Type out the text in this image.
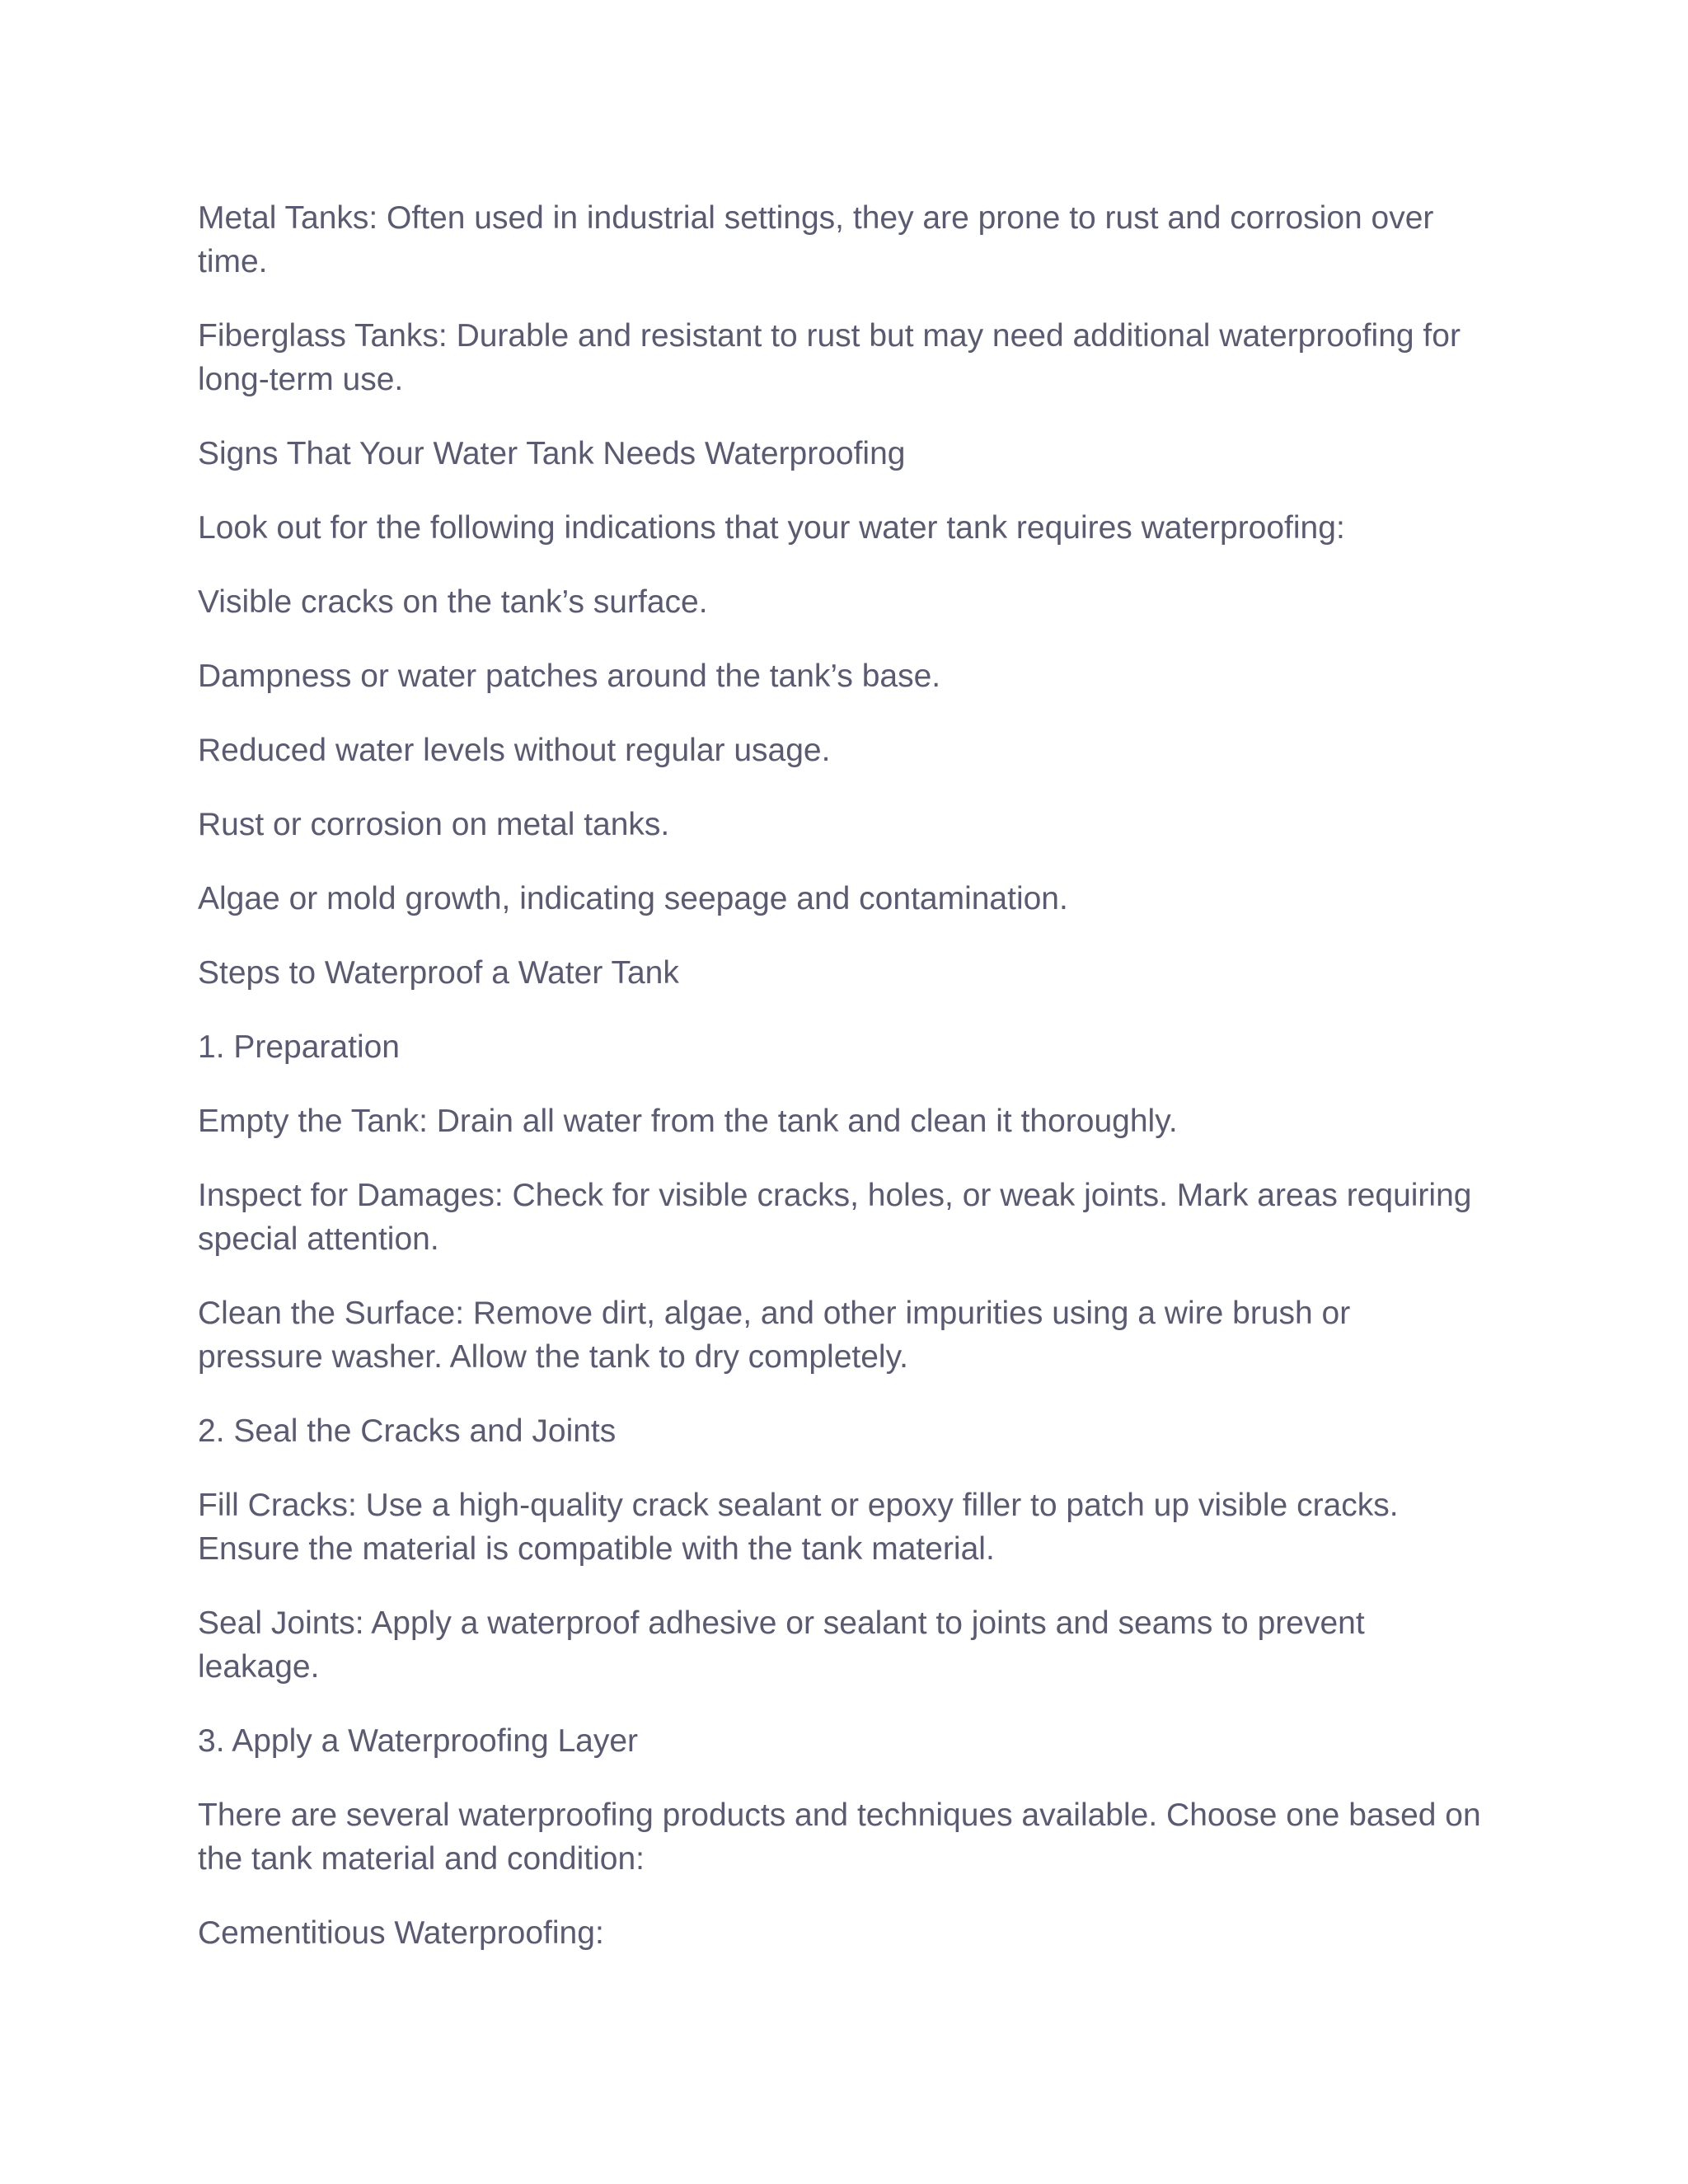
Metal Tanks: Often used in industrial settings, they are prone to rust and corrosion over time.

Fiberglass Tanks: Durable and resistant to rust but may need additional waterproofing for long-term use.

Signs That Your Water Tank Needs Waterproofing

Look out for the following indications that your water tank requires waterproofing:

Visible cracks on the tank’s surface.

Dampness or water patches around the tank’s base.

Reduced water levels without regular usage.

Rust or corrosion on metal tanks.

Algae or mold growth, indicating seepage and contamination.

Steps to Waterproof a Water Tank

1. Preparation

Empty the Tank: Drain all water from the tank and clean it thoroughly.

Inspect for Damages: Check for visible cracks, holes, or weak joints. Mark areas requiring special attention.

Clean the Surface: Remove dirt, algae, and other impurities using a wire brush or pressure washer. Allow the tank to dry completely.

2. Seal the Cracks and Joints

Fill Cracks: Use a high-quality crack sealant or epoxy filler to patch up visible cracks. Ensure the material is compatible with the tank material.

Seal Joints: Apply a waterproof adhesive or sealant to joints and seams to prevent leakage.

3. Apply a Waterproofing Layer

There are several waterproofing products and techniques available. Choose one based on the tank material and condition:

Cementitious Waterproofing:
